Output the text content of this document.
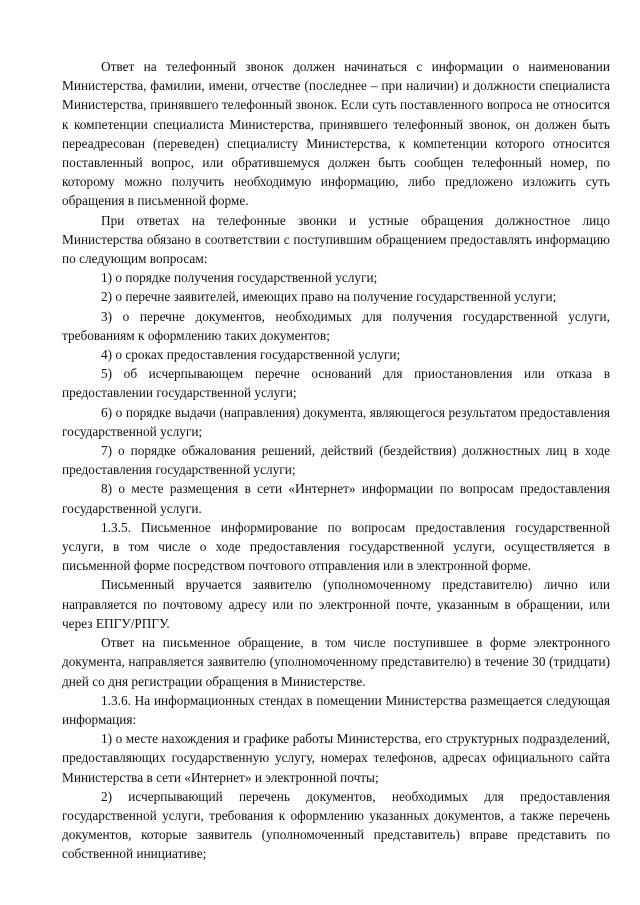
Ответ на телефонный звонок должен начинаться с информации о наименовании Министерства, фамилии, имени, отчестве (последнее – при наличии) и должности специалиста Министерства, принявшего телефонный звонок. Если суть поставленного вопроса не относится к компетенции специалиста Министерства, принявшего телефонный звонок, он должен быть переадресован (переведен) специалисту Министерства, к компетенции которого относится поставленный вопрос, или обратившемуся должен быть сообщен телефонный номер, по которому можно получить необходимую информацию, либо предложено изложить суть обращения в письменной форме.

При ответах на телефонные звонки и устные обращения должностное лицо Министерства обязано в соответствии с поступившим обращением предоставлять информацию по следующим вопросам:

1) о порядке получения государственной услуги;

2) о перечне заявителей, имеющих право на получение государственной услуги;

3) о перечне документов, необходимых для получения государственной услуги, требованиям к оформлению таких документов;

4) о сроках предоставления государственной услуги;

5) об исчерпывающем перечне оснований для приостановления или отказа в предоставлении государственной услуги;

6) о порядке выдачи (направления) документа, являющегося результатом предоставления государственной услуги;

7) о порядке обжалования решений, действий (бездействия) должностных лиц в ходе предоставления государственной услуги;

8) о месте размещения в сети «Интернет» информации по вопросам предоставления государственной услуги.

1.3.5. Письменное информирование по вопросам предоставления государственной услуги, в том числе о ходе предоставления государственной услуги, осуществляется в письменной форме посредством почтового отправления или в электронной форме.

Письменный вручается заявителю (уполномоченному представителю) лично или направляется по почтовому адресу или по электронной почте, указанным в обращении, или через ЕПГУ/РПГУ.

Ответ на письменное обращение, в том числе поступившее в форме электронного документа, направляется заявителю (уполномоченному представителю) в течение 30 (тридцати) дней со дня регистрации обращения в Министерстве.

1.3.6. На информационных стендах в помещении Министерства размещается следующая информация:

1) о месте нахождения и графике работы Министерства, его структурных подразделений, предоставляющих государственную услугу, номерах телефонов, адресах официального сайта Министерства в сети «Интернет» и электронной почты;

2) исчерпывающий перечень документов, необходимых для предоставления государственной услуги, требования к оформлению указанных документов, а также перечень документов, которые заявитель (уполномоченный представитель) вправе представить по собственной инициативе;
